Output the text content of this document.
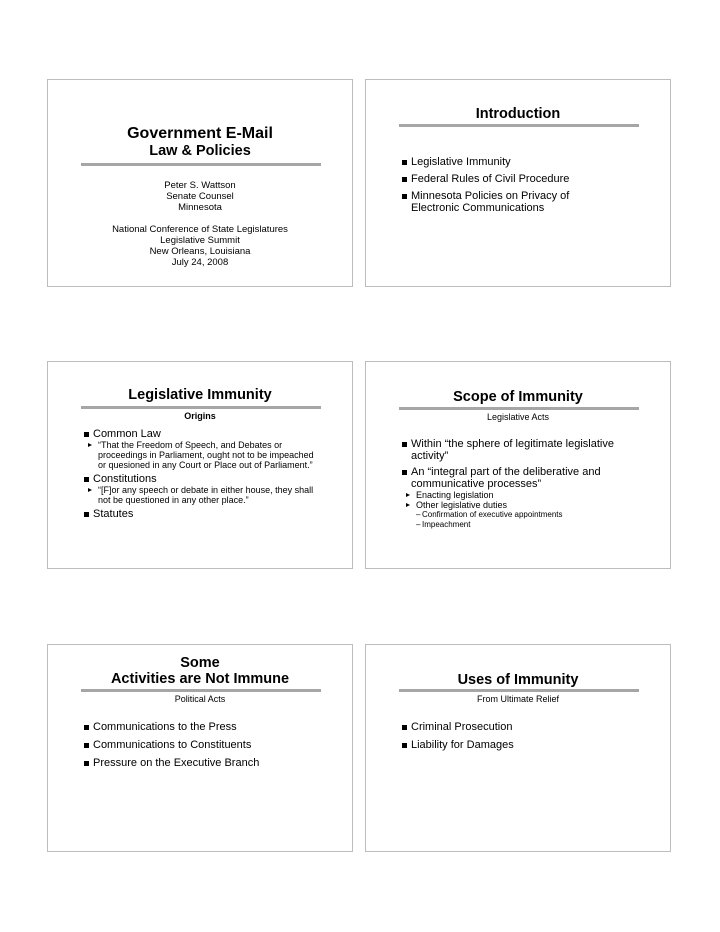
Government E-Mail
Law & Policies
Peter S. Wattson
Senate Counsel
Minnesota
National Conference of State Legislatures
Legislative Summit
New Orleans, Louisiana
July 24, 2008
Introduction
Legislative Immunity
Federal Rules of Civil Procedure
Minnesota Policies on Privacy of Electronic Communications
Legislative Immunity
Origins
Common Law
“That the Freedom of Speech, and Debates or proceedings in Parliament, ought not to be impeached or quesioned in any Court or Place out of Parliament.”
Constitutions
“[F]or any speech or debate in either house, they shall not be questioned in any other place.”
Statutes
Scope of Immunity
Legislative Acts
Within “the sphere of legitimate legislative activity”
An “integral part of the deliberative and communicative processes”
Enacting legislation
Other legislative duties
– Confirmation of executive appointments
– Impeachment
Some
Activities are Not Immune
Political Acts
Communications to the Press
Communications to Constituents
Pressure on the Executive Branch
Uses of Immunity
From Ultimate Relief
Criminal Prosecution
Liability for Damages
